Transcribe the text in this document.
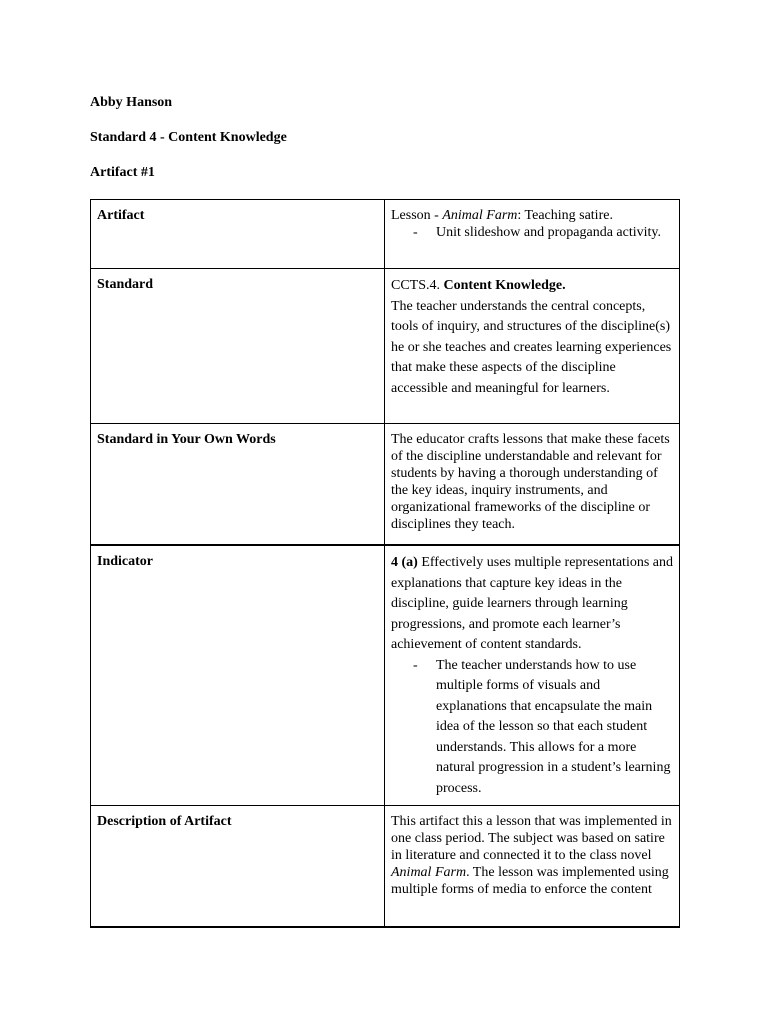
Abby Hanson
Standard 4 - Content Knowledge
Artifact #1
Artifact	Lesson - Animal Farm: Teaching satire.
- Unit slideshow and propaganda activity.

Standard	CCTS.4. Content Knowledge.
The teacher understands the central concepts, tools of inquiry, and structures of the discipline(s) he or she teaches and creates learning experiences that make these aspects of the discipline accessible and meaningful for learners.

Standard in Your Own Words	The educator crafts lessons that make these facets of the discipline understandable and relevant for students by having a thorough understanding of the key ideas, inquiry instruments, and organizational frameworks of the discipline or disciplines they teach.

Indicator	4 (a) Effectively uses multiple representations and explanations that capture key ideas in the discipline, guide learners through learning progressions, and promote each learner’s achievement of content standards.
- The teacher understands how to use multiple forms of visuals and explanations that encapsulate the main idea of the lesson so that each student understands. This allows for a more natural progression in a student’s learning process.

Description of Artifact	This artifact this a lesson that was implemented in one class period. The subject was based on satire in literature and connected it to the class novel Animal Farm. The lesson was implemented using multiple forms of media to enforce the content
